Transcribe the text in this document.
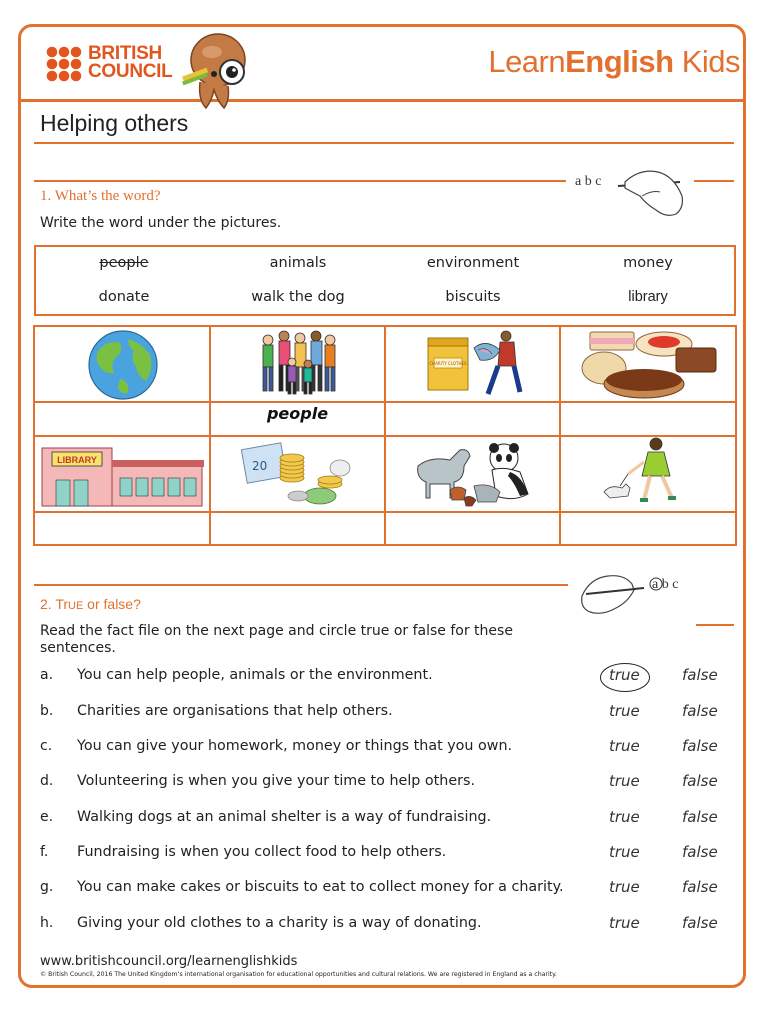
BRITISH
COUNCIL	LearnEnglish Kids
Helping others
1. What’s the word?
a b c
Write the word under the pictures.
people	animals	environment	money
donate	walk the dog	biscuits	library
CHARITY CLOTHES
people
LIBRARY	20
2. TrUE or false?
a b c
Read the fact file on the next page and circle true or false for these sentences.
a. You can help people, animals or the environment.	true	false
b. Charities are organisations that help others.	true	false
c. You can give your homework, money or things that you own.	true	false
d. Volunteering is when you give your time to help others.	true	false
e. Walking dogs at an animal shelter is a way of fundraising.	true	false
f. Fundraising is when you collect food to help others.	true	false
g. You can make cakes or biscuits to eat to collect money for a charity.	true	false
h. Giving your old clothes to a charity is a way of donating.	true	false
www.britishcouncil.org/learnenglishkids
© British Council, 2016 The United Kingdom’s international organisation for educational opportunities and cultural relations. We are registered in England as a charity.
